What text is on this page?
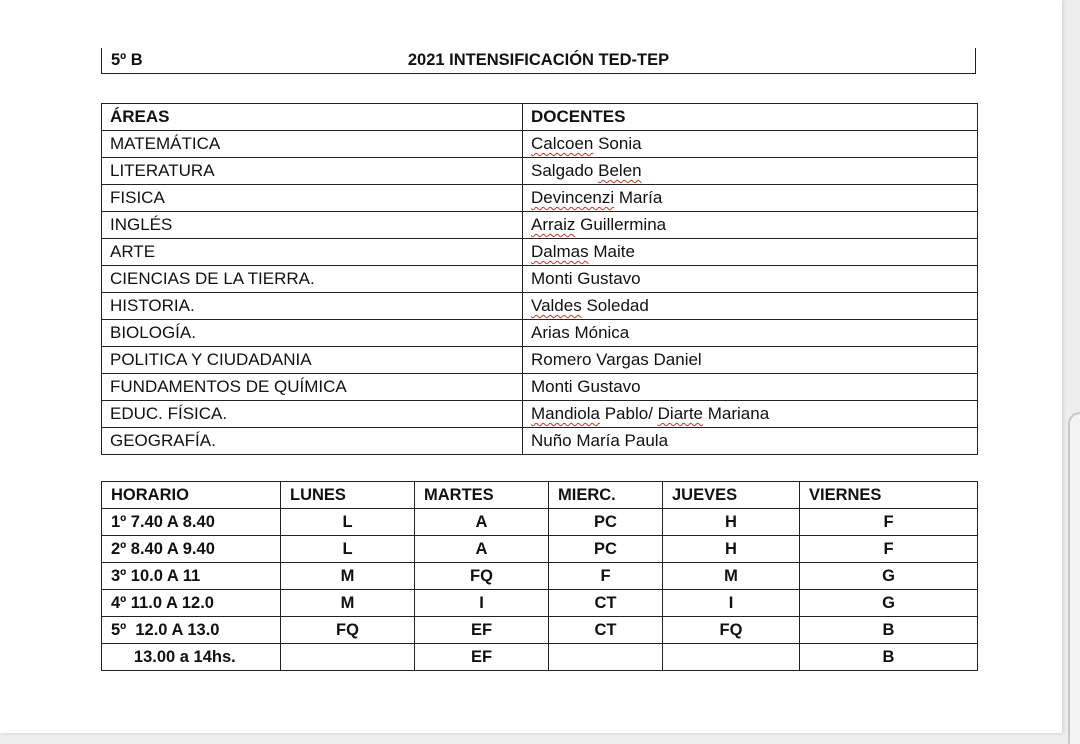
5º B	2021 INTENSIFICACIÓN TED-TEP
ÁREAS	DOCENTES
MATEMÁTICA	Calcoen Sonia
LITERATURA	Salgado Belen
FISICA	Devincenzi María
INGLÉS	Arraiz Guillermina
ARTE	Dalmas Maite
CIENCIAS DE LA TIERRA.	Monti Gustavo
HISTORIA.	Valdes Soledad
BIOLOGÍA.	Arias Mónica
POLITICA Y CIUDADANIA	Romero Vargas Daniel
FUNDAMENTOS DE QUÍMICA	Monti Gustavo
EDUC. FÍSICA.	Mandiola Pablo/ Diarte Mariana
GEOGRAFÍA.	Nuño María Paula
HORARIO	LUNES	MARTES	MIERC.	JUEVES	VIERNES
1º 7.40 A 8.40	L	A	PC	H	F
2º 8.40 A 9.40	L	A	PC	H	F
3º 10.0 A 11	M	FQ	F	M	G
4º 11.0 A 12.0	M	I	CT	I	G
5º  12.0 A 13.0	FQ	EF	CT	FQ	B
13.00 a 14hs.		EF			B
